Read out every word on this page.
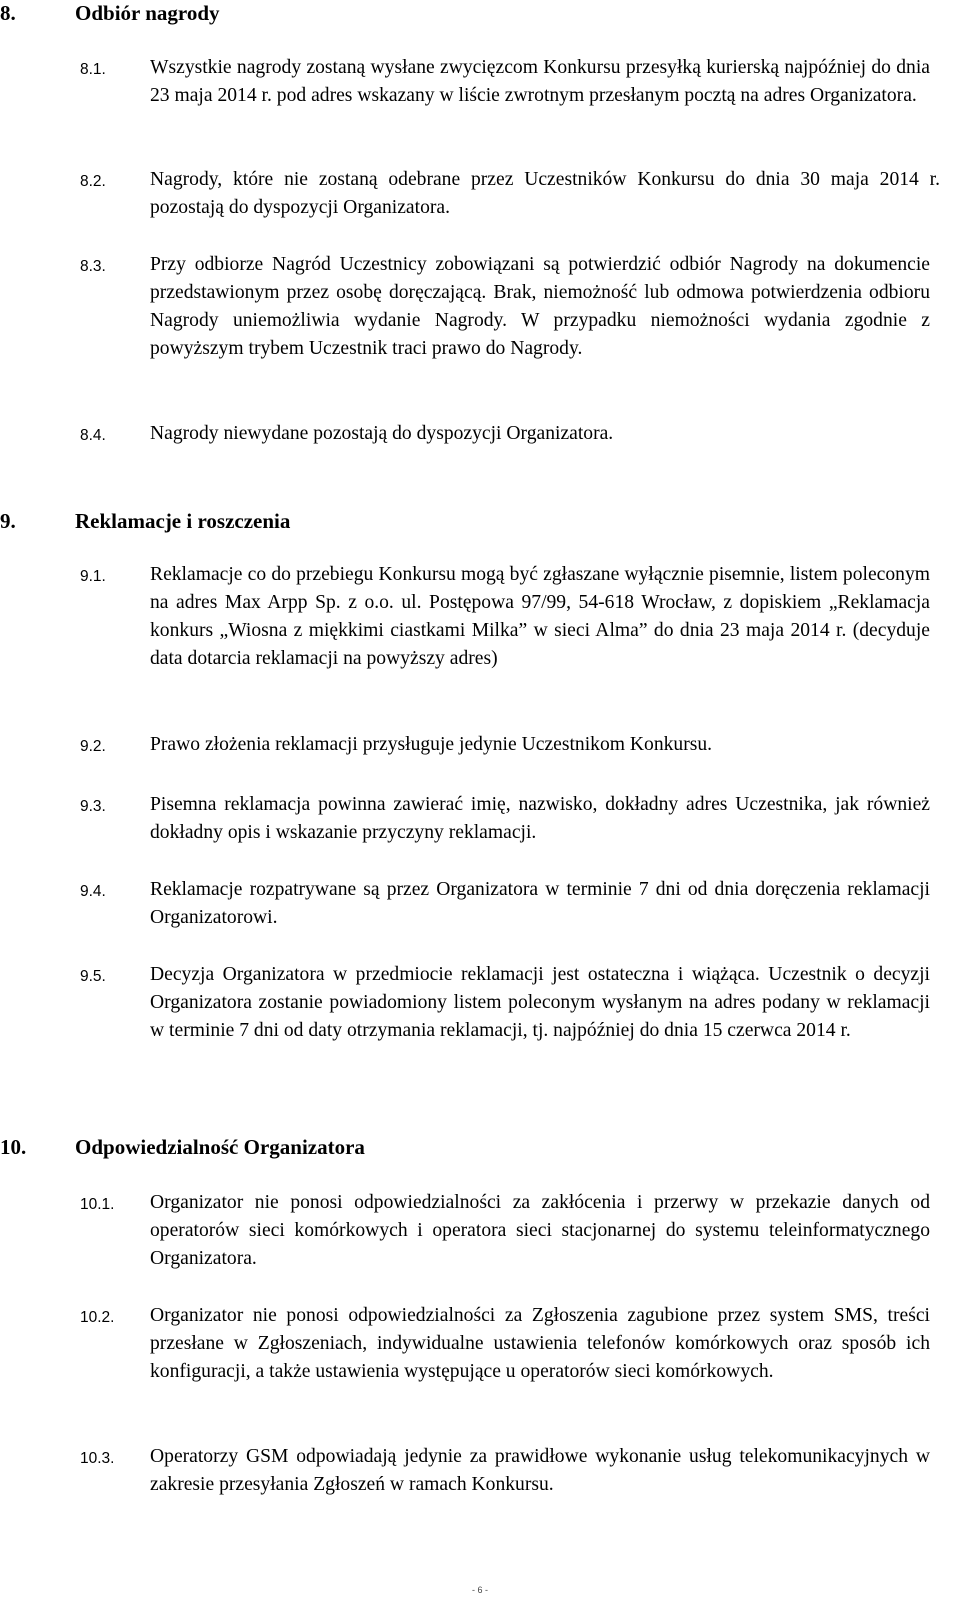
8.	Odbiór nagrody
8.1. Wszystkie nagrody zostaną wysłane zwycięzcom Konkursu przesyłką kurierską najpóźniej do dnia 23 maja 2014 r. pod adres wskazany w liście zwrotnym przesłanym pocztą na adres Organizatora.
8.2. Nagrody, które nie zostaną odebrane przez Uczestników Konkursu do dnia 30 maja 2014 r. pozostają do dyspozycji Organizatora.
8.3. Przy odbiorze Nagród Uczestnicy zobowiązani są potwierdzić odbiór Nagrody na dokumencie przedstawionym przez osobę doręczającą. Brak, niemożność lub odmowa potwierdzenia odbioru Nagrody uniemożliwia wydanie Nagrody. W przypadku niemożności wydania zgodnie z powyższym trybem Uczestnik traci prawo do Nagrody.
8.4. Nagrody niewydane pozostają do dyspozycji Organizatora.
9.	Reklamacje i roszczenia
9.1. Reklamacje co do przebiegu Konkursu mogą być zgłaszane wyłącznie pisemnie, listem poleconym na adres Max Arpp Sp. z o.o. ul. Postępowa 97/99, 54-618 Wrocław, z dopiskiem „Reklamacja konkurs „Wiosna z miękkimi ciastkami Milka” w sieci Alma” do dnia 23 maja 2014 r. (decyduje data dotarcia reklamacji na powyższy adres)
9.2. Prawo złożenia reklamacji przysługuje jedynie Uczestnikom Konkursu.
9.3. Pisemna reklamacja powinna zawierać imię, nazwisko, dokładny adres Uczestnika, jak również dokładny opis i wskazanie przyczyny reklamacji.
9.4. Reklamacje rozpatrywane są przez Organizatora w terminie 7 dni od dnia doręczenia reklamacji Organizatorowi.
9.5. Decyzja Organizatora w przedmiocie reklamacji jest ostateczna i wiążąca. Uczestnik o decyzji Organizatora zostanie powiadomiony listem poleconym wysłanym na adres podany w reklamacji w terminie 7 dni od daty otrzymania reklamacji, tj. najpóźniej do dnia 15 czerwca 2014 r.
10.	Odpowiedzialność Organizatora
10.1. Organizator nie ponosi odpowiedzialności za zakłócenia i przerwy w przekazie danych od operatorów sieci komórkowych i operatora sieci stacjonarnej do systemu teleinformatycznego Organizatora.
10.2. Organizator nie ponosi odpowiedzialności za Zgłoszenia zagubione przez system SMS, treści przesłane w Zgłoszeniach, indywidualne ustawienia telefonów komórkowych oraz sposób ich konfiguracji, a także ustawienia występujące u operatorów sieci komórkowych.
10.3. Operatorzy GSM odpowiadają jedynie za prawidłowe wykonanie usług telekomunikacyjnych w zakresie przesyłania Zgłoszeń w ramach Konkursu.
- 6 -
